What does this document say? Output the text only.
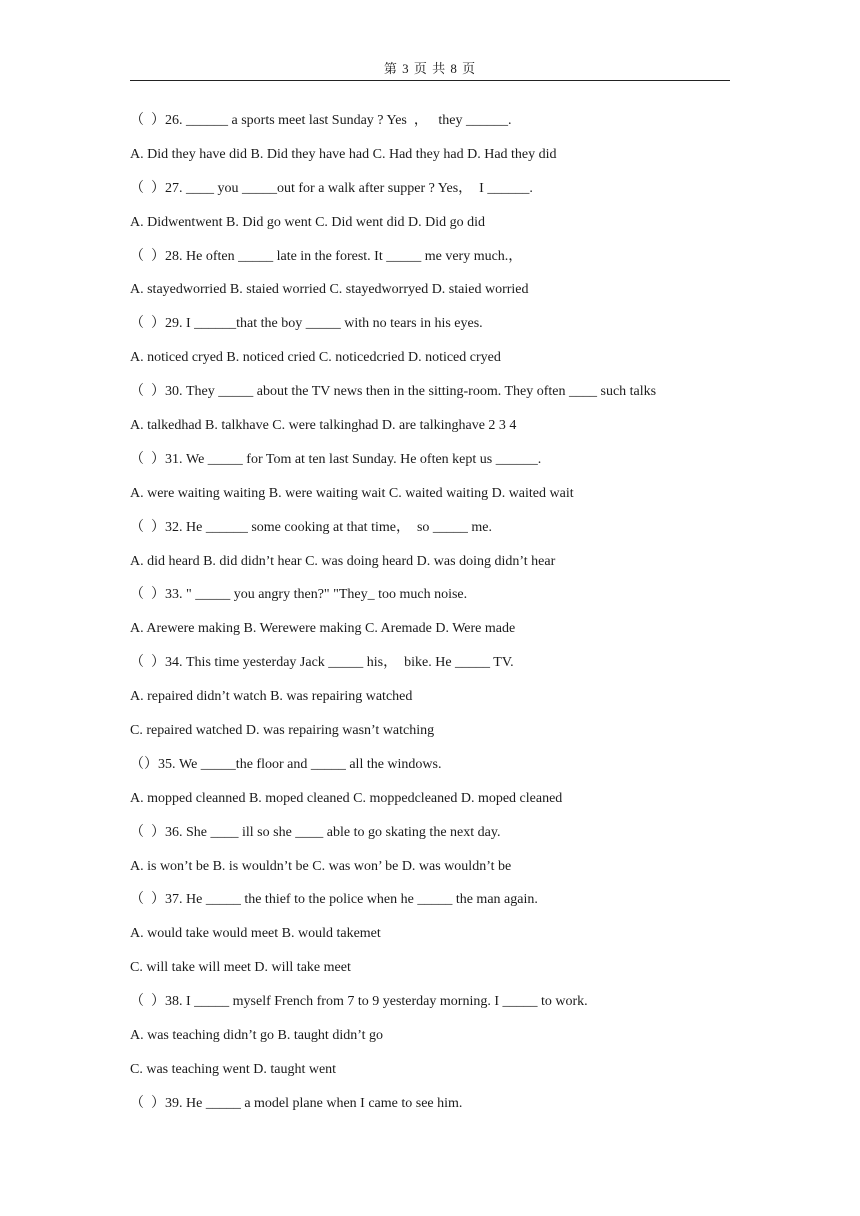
第 3 页 共 8 页
（  ）26. ______ a sports meet last Sunday ? Yes  ，   they ______.
A. Did they have did B. Did they have had C. Had they had D. Had they did
（  ）27. ____ you _____out for a walk after supper ? Yes，  I ______.
A. Didwentwent B. Did go went C. Did went did D. Did go did
（  ）28. He often _____ late in the forest. It _____ me very much.，
A. stayedworried B. staied worried C. stayedworryed D. staied worried
（  ）29. I ______that the boy _____ with no tears in his eyes.
A. noticed cryed B. noticed cried C. noticedcried D. noticed cryed
（  ）30. They _____ about the TV news then in the sitting-room. They often ____ such talks
A. talkedhad B. talkhave C. were talkinghad D. are talkinghave 2 3 4
（  ）31. We _____ for Tom at ten last Sunday. He often kept us ______.
A. were waiting waiting B. were waiting wait C. waited waiting D. waited wait
（  ）32. He ______ some cooking at that time，  so _____ me.
A. did heard B. did didn’t hear C. was doing heard D. was doing didn’t hear
（  ）33. " _____ you angry then?" "They_ too much noise.
A. Arewere making B. Werewere making C. Aremade D. Were made
（  ）34. This time yesterday Jack _____ his，  bike. He _____ TV.
A. repaired didn’t watch B. was repairing watched
C. repaired watched D. was repairing wasn’t watching
（）35. We _____the floor and _____ all the windows.
A. mopped cleanned B. moped cleaned C. moppedcleaned D. moped cleaned
（  ）36. She ____ ill so she ____ able to go skating the next day.
A. is won’t be B. is wouldn’t be C. was won’ be D. was wouldn’t be
（  ）37. He _____ the thief to the police when he _____ the man again.
A. would take would meet B. would takemet
C. will take will meet D. will take meet
（  ）38. I _____ myself French from 7 to 9 yesterday morning. I _____ to work.
A. was teaching didn’t go B. taught didn’t go
C. was teaching went D. taught went
（  ）39. He _____ a model plane when I came to see him.
